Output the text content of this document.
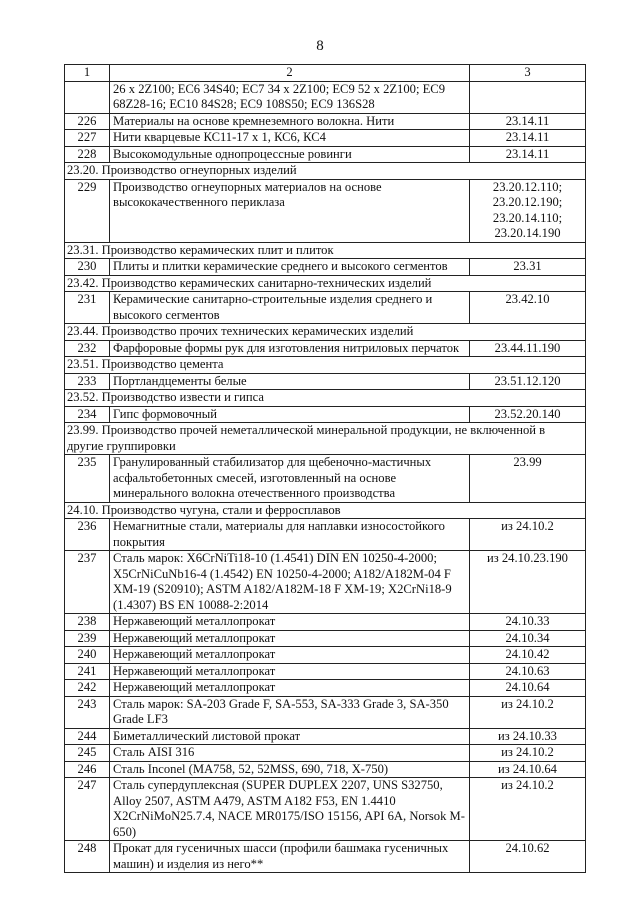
8
1	2	3
	26 x 2Z100; EC6 34S40; EC7 34 x 2Z100; EC9 52 x 2Z100; EC9 68Z28-16; EC10 84S28; EC9 108S50; EC9 136S28	
226	Материалы на основе кремнеземного волокна. Нити	23.14.11
227	Нити кварцевые КС11-17 х 1, КС6, КС4	23.14.11
228	Высокомодульные однопроцессные ровинги	23.14.11
23.20. Производство огнеупорных изделий		
229	Производство огнеупорных материалов на основе высококачественного периклаза	23.20.12.110;
23.20.12.190;
23.20.14.110;
23.20.14.190
23.31. Производство керамических плит и плиток		
230	Плиты и плитки керамические среднего и высокого сегментов	23.31
23.42. Производство керамических санитарно-технических изделий		
231	Керамические санитарно-строительные изделия среднего и высокого сегментов	23.42.10
23.44. Производство прочих технических керамических изделий		
232	Фарфоровые формы рук для изготовления нитриловых перчаток	23.44.11.190
23.51. Производство цемента		
233	Портландцементы белые	23.51.12.120
23.52. Производство извести и гипса		
234	Гипс формовочный	23.52.20.140
23.99. Производство прочей неметаллической минеральной продукции, не включенной в другие группировки		
235	Гранулированный стабилизатор для щебеночно-мастичных асфальтобетонных смесей, изготовленный на основе минерального волокна отечественного производства	23.99
24.10. Производство чугуна, стали и ферросплавов		
236	Немагнитные стали, материалы для наплавки износостойкого покрытия	из 24.10.2
237	Сталь марок: X6CrNiTi18-10 (1.4541) DIN EN 10250-4-2000; X5CrNiCuNb16-4 (1.4542) EN 10250-4-2000; A182/A182M-04 F XM-19 (S20910); ASTM A182/A182M-18 F XM-19; X2CrNi18-9 (1.4307) BS EN 10088-2:2014	из 24.10.23.190
238	Нержавеющий металлопрокат	24.10.33
239	Нержавеющий металлопрокат	24.10.34
240	Нержавеющий металлопрокат	24.10.42
241	Нержавеющий металлопрокат	24.10.63
242	Нержавеющий металлопрокат	24.10.64
243	Сталь марок: SA-203 Grade F, SA-553, SA-333 Grade 3, SA-350 Grade LF3	из 24.10.2
244	Биметаллический листовой прокат	из 24.10.33
245	Сталь AISI 316	из 24.10.2
246	Сталь Inconel (MA758, 52, 52MSS, 690, 718, X-750)	из 24.10.64
247	Сталь супердуплексная (SUPER DUPLEX 2207, UNS S32750, Alloy 2507, ASTM A479, ASTM A182 F53, EN 1.4410 X2CrNiMoN25.7.4, NACE MR0175/ISO 15156, API 6A, Norsok M-650)	из 24.10.2
248	Прокат для гусеничных шасси (профили башмака гусеничных машин) и изделия из него**	24.10.62
